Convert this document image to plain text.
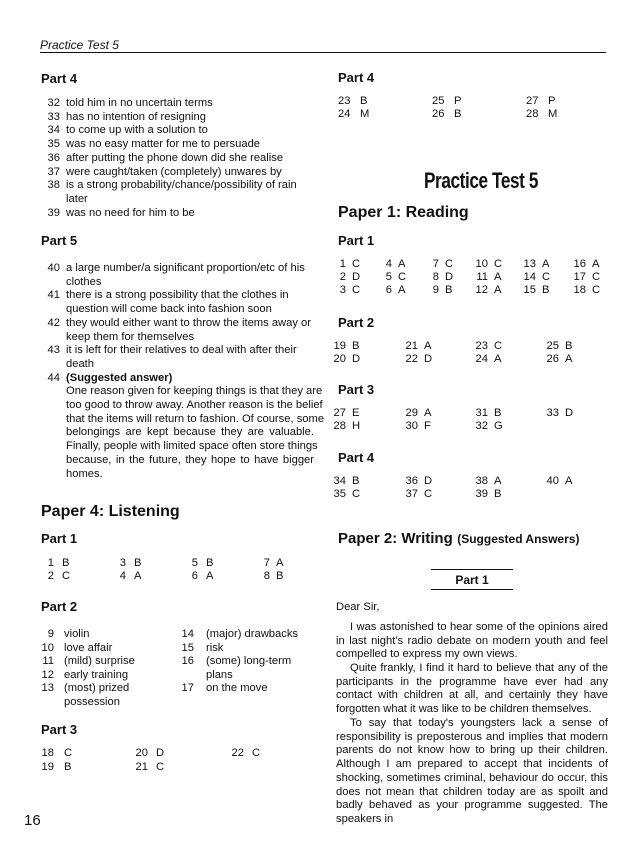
Practice Test 5
Part 4
32 told him in no uncertain terms
33 has no intention of resigning
34 to come up with a solution to
35 was no easy matter for me to persuade
36 after putting the phone down did she realise
37 were caught/taken (completely) unwares by
38 is a strong probability/chance/possibility of rain
later
39 was no need for him to be
Part 5
40 a large number/a significant proportion/etc of his
clothes
41 there is a strong possibility that the clothes in
question will come back into fashion soon
42 they would either want to throw the items away or
keep them for themselves
43 it is left for their relatives to deal with after their
death
44 (Suggested answer)
One reason given for keeping things is that they are
too good to throw away. Another reason is the belief
that the items will return to fashion. Of course, some
belongings are kept because they are valuable.
Finally, people with limited space often store things
because, in the future, they hope to have bigger
homes.
Paper 4: Listening
Part 1
1 B
2 C
3 B
4 A
5 B
6 A
7 A
8 B
Part 2
9 violin
10 love affair
11 (mild) surprise
12 early training
13 (most) prized
possession
14 (major) drawbacks
15 risk
16 (some) long-term
plans
17 on the move
Part 3
18 C
19 B
20 D
21 C
22 C
16
Part 4
23 B
24 M
25 P
26 B
27 P
28 M
Practice Test 5
Paper 1: Reading
Part 1
1 C
2 D
3 C
4 A
5 C
6 A
7 C
8 D
9 B
10 C
11 A
12 A
13 A
14 C
15 B
16 A
17 C
18 C
Part 2
19 B
20 D
21 A
22 D
23 C
24 A
25 B
26 A
Part 3
27 E
28 H
29 A
30 F
31 B
32 G
33 D
Part 4
34 B
35 C
36 D
37 C
38 A
39 B
40 A
Paper 2: Writing (Suggested Answers)
Part 1
Dear Sir,
I was astonished to hear some of the opinions aired in last night's radio debate on modern youth and feel compelled to express my own views.
Quite frankly, I find it hard to believe that any of the participants in the programme have ever had any contact with children at all, and certainly they have forgotten what it was like to be children themselves.
To say that today's youngsters lack a sense of responsibility is preposterous and implies that modern parents do not know how to bring up their children. Although I am prepared to accept that incidents of shocking, sometimes criminal, behaviour do occur, this does not mean that children today are as spoilt and badly behaved as your programme suggested. The speakers in
